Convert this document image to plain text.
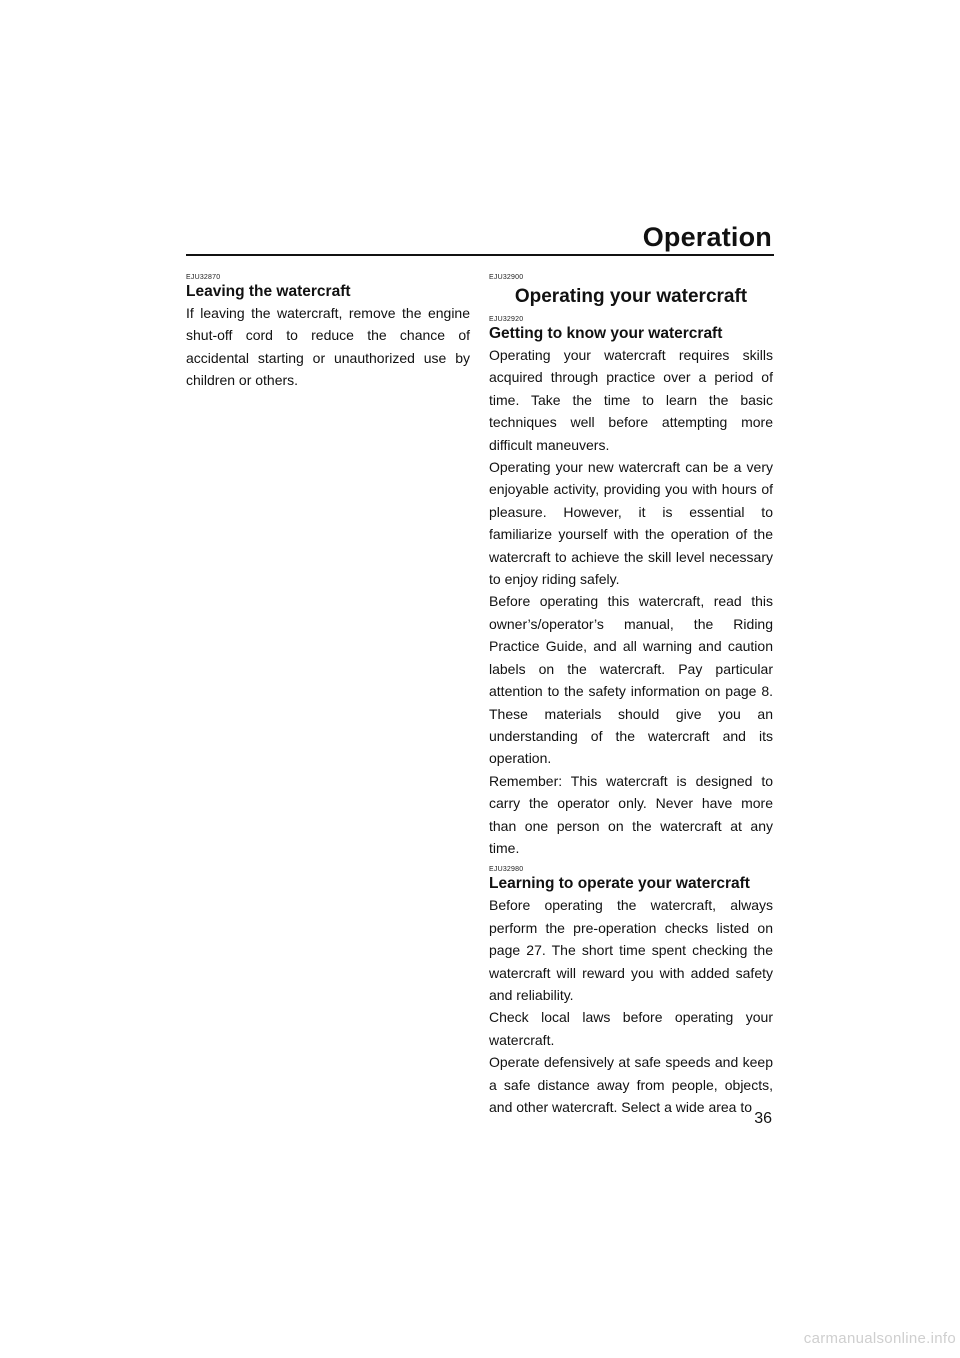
Operation

EJU32870

Leaving the watercraft

If leaving the watercraft, remove the engine shut-off cord to reduce the chance of accidental starting or unauthorized use by children or others.

EJU32900

Operating your watercraft

EJU32920

Getting to know your watercraft

Operating your watercraft requires skills acquired through practice over a period of time. Take the time to learn the basic techniques well before attempting more difficult maneuvers.

Operating your new watercraft can be a very enjoyable activity, providing you with hours of pleasure. However, it is essential to familiarize yourself with the operation of the watercraft to achieve the skill level necessary to enjoy riding safely.

Before operating this watercraft, read this owner’s/operator’s manual, the Riding Practice Guide, and all warning and caution labels on the watercraft. Pay particular attention to the safety information on page 8. These materials should give you an understanding of the watercraft and its operation.

Remember: This watercraft is designed to carry the operator only. Never have more than one person on the watercraft at any time.

EJU32980

Learning to operate your watercraft

Before operating the watercraft, always perform the pre-operation checks listed on page 27. The short time spent checking the watercraft will reward you with added safety and reliability.

Check local laws before operating your watercraft.

Operate defensively at safe speeds and keep a safe distance away from people, objects, and other watercraft. Select a wide area to

36

carmanualsonline.info
